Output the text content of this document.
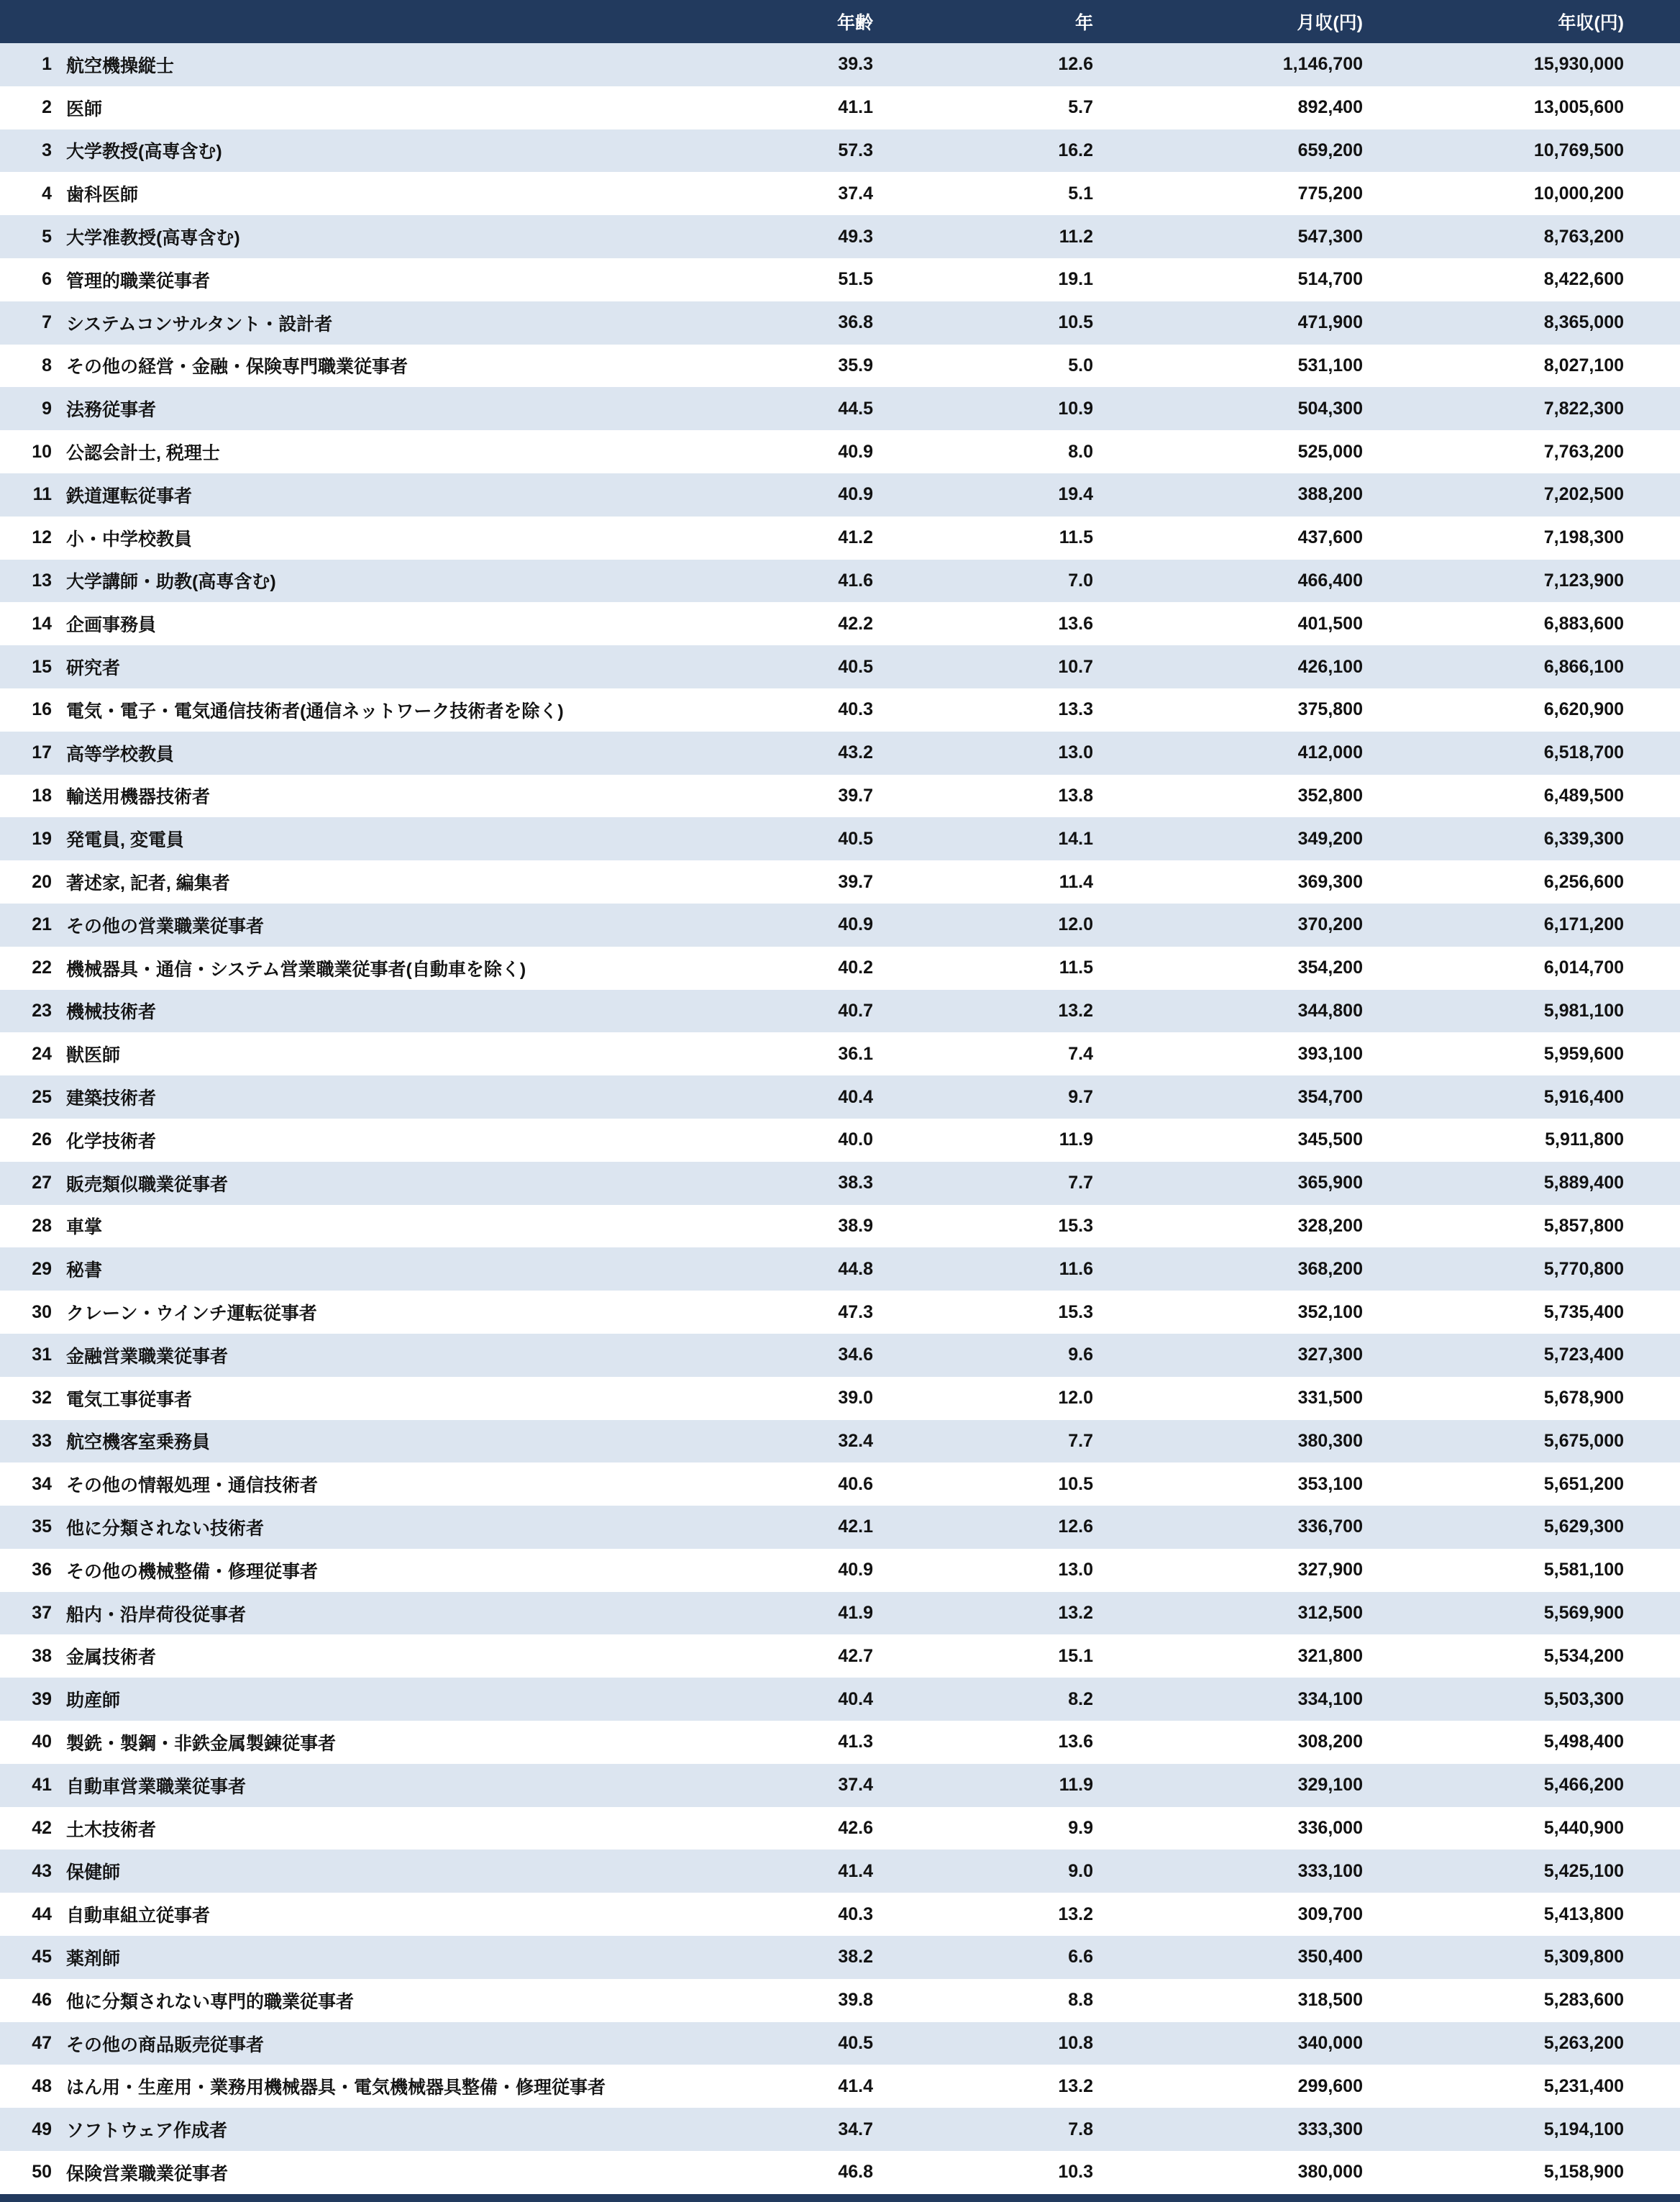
		年齢	年	月収(円)	年収(円)
1	航空機操縦士	39.3	12.6	1,146,700	15,930,000
2	医師	41.1	5.7	892,400	13,005,600
3	大学教授(高専含む)	57.3	16.2	659,200	10,769,500
4	歯科医師	37.4	5.1	775,200	10,000,200
5	大学准教授(高専含む)	49.3	11.2	547,300	8,763,200
6	管理的職業従事者	51.5	19.1	514,700	8,422,600
7	システムコンサルタント・設計者	36.8	10.5	471,900	8,365,000
8	その他の経営・金融・保険専門職業従事者	35.9	5.0	531,100	8,027,100
9	法務従事者	44.5	10.9	504,300	7,822,300
10	公認会計士, 税理士	40.9	8.0	525,000	7,763,200
11	鉄道運転従事者	40.9	19.4	388,200	7,202,500
12	小・中学校教員	41.2	11.5	437,600	7,198,300
13	大学講師・助教(高専含む)	41.6	7.0	466,400	7,123,900
14	企画事務員	42.2	13.6	401,500	6,883,600
15	研究者	40.5	10.7	426,100	6,866,100
16	電気・電子・電気通信技術者(通信ネットワーク技術者を除く)	40.3	13.3	375,800	6,620,900
17	高等学校教員	43.2	13.0	412,000	6,518,700
18	輸送用機器技術者	39.7	13.8	352,800	6,489,500
19	発電員, 変電員	40.5	14.1	349,200	6,339,300
20	著述家, 記者, 編集者	39.7	11.4	369,300	6,256,600
21	その他の営業職業従事者	40.9	12.0	370,200	6,171,200
22	機械器具・通信・システム営業職業従事者(自動車を除く)	40.2	11.5	354,200	6,014,700
23	機械技術者	40.7	13.2	344,800	5,981,100
24	獣医師	36.1	7.4	393,100	5,959,600
25	建築技術者	40.4	9.7	354,700	5,916,400
26	化学技術者	40.0	11.9	345,500	5,911,800
27	販売類似職業従事者	38.3	7.7	365,900	5,889,400
28	車掌	38.9	15.3	328,200	5,857,800
29	秘書	44.8	11.6	368,200	5,770,800
30	クレーン・ウインチ運転従事者	47.3	15.3	352,100	5,735,400
31	金融営業職業従事者	34.6	9.6	327,300	5,723,400
32	電気工事従事者	39.0	12.0	331,500	5,678,900
33	航空機客室乗務員	32.4	7.7	380,300	5,675,000
34	その他の情報処理・通信技術者	40.6	10.5	353,100	5,651,200
35	他に分類されない技術者	42.1	12.6	336,700	5,629,300
36	その他の機械整備・修理従事者	40.9	13.0	327,900	5,581,100
37	船内・沿岸荷役従事者	41.9	13.2	312,500	5,569,900
38	金属技術者	42.7	15.1	321,800	5,534,200
39	助産師	40.4	8.2	334,100	5,503,300
40	製銑・製鋼・非鉄金属製錬従事者	41.3	13.6	308,200	5,498,400
41	自動車営業職業従事者	37.4	11.9	329,100	5,466,200
42	土木技術者	42.6	9.9	336,000	5,440,900
43	保健師	41.4	9.0	333,100	5,425,100
44	自動車組立従事者	40.3	13.2	309,700	5,413,800
45	薬剤師	38.2	6.6	350,400	5,309,800
46	他に分類されない専門的職業従事者	39.8	8.8	318,500	5,283,600
47	その他の商品販売従事者	40.5	10.8	340,000	5,263,200
48	はん用・生産用・業務用機械器具・電気機械器具整備・修理従事者	41.4	13.2	299,600	5,231,400
49	ソフトウェア作成者	34.7	7.8	333,300	5,194,100
50	保険営業職業従事者	46.8	10.3	380,000	5,158,900
